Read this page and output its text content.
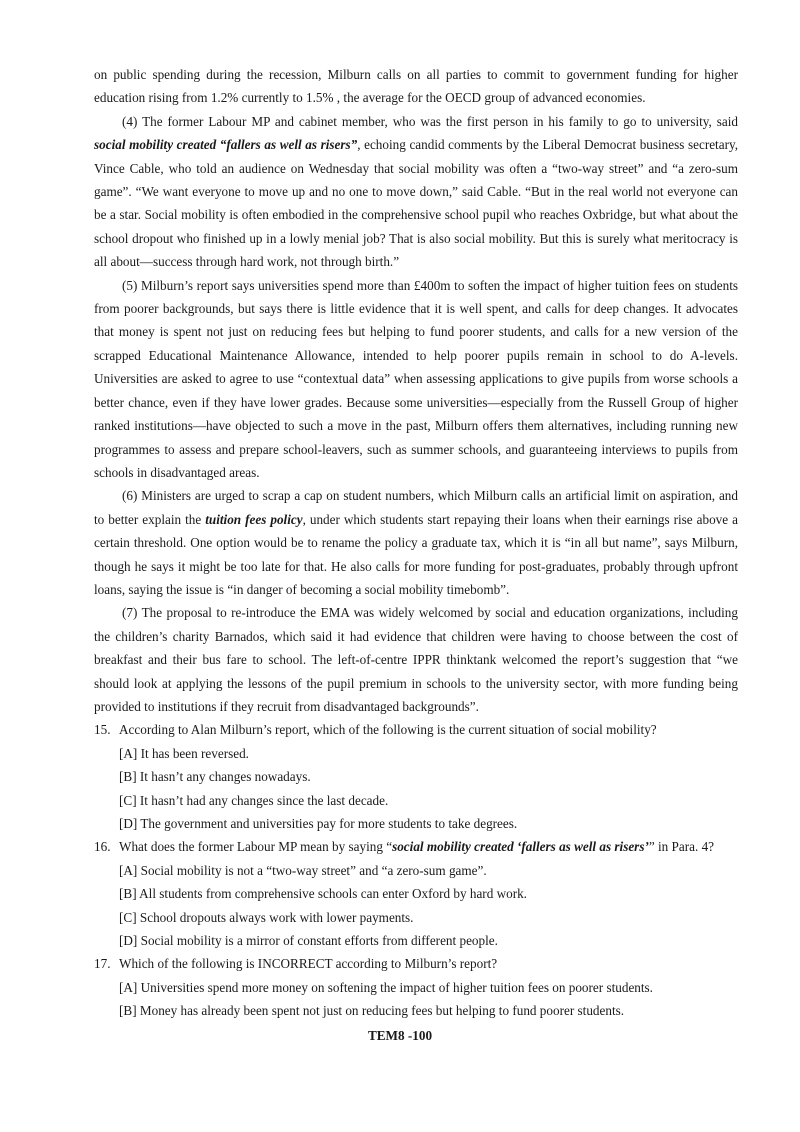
on public spending during the recession, Milburn calls on all parties to commit to government funding for higher education rising from 1.2% currently to 1.5% , the average for the OECD group of advanced economies.

(4) The former Labour MP and cabinet member, who was the first person in his family to go to university, said social mobility created “fallers as well as risers”, echoing candid comments by the Liberal Democrat business secretary, Vince Cable, who told an audience on Wednesday that social mobility was often a “two-way street” and “a zero-sum game”. “We want everyone to move up and no one to move down,” said Cable. “But in the real world not everyone can be a star. Social mobility is often embodied in the comprehensive school pupil who reaches Oxbridge, but what about the school dropout who finished up in a lowly menial job? That is also social mobility. But this is surely what meritocracy is all about—success through hard work, not through birth.”

(5) Milburn’s report says universities spend more than £400m to soften the impact of higher tuition fees on students from poorer backgrounds, but says there is little evidence that it is well spent, and calls for deep changes. It advocates that money is spent not just on reducing fees but helping to fund poorer students, and calls for a new version of the scrapped Educational Maintenance Allowance, intended to help poorer pupils remain in school to do A-levels. Universities are asked to agree to use “contextual data” when assessing applications to give pupils from worse schools a better chance, even if they have lower grades. Because some universities—especially from the Russell Group of higher ranked institutions—have objected to such a move in the past, Milburn offers them alternatives, including running new programmes to assess and prepare school-leavers, such as summer schools, and guaranteeing interviews to pupils from schools in disadvantaged areas.

(6) Ministers are urged to scrap a cap on student numbers, which Milburn calls an artificial limit on aspiration, and to better explain the tuition fees policy, under which students start repaying their loans when their earnings rise above a certain threshold. One option would be to rename the policy a graduate tax, which it is “in all but name”, says Milburn, though he says it might be too late for that. He also calls for more funding for post-graduates, probably through upfront loans, saying the issue is “in danger of becoming a social mobility timebomb”.

(7) The proposal to re-introduce the EMA was widely welcomed by social and education organizations, including the children’s charity Barnados, which said it had evidence that children were having to choose between the cost of breakfast and their bus fare to school. The left-of-centre IPPR thinktank welcomed the report’s suggestion that “we should look at applying the lessons of the pupil premium in schools to the university sector, with more funding being provided to institutions if they recruit from disadvantaged backgrounds”.

15. According to Alan Milburn’s report, which of the following is the current situation of social mobility?

[A] It has been reversed.

[B] It hasn’t any changes nowadays.

[C] It hasn’t had any changes since the last decade.

[D] The government and universities pay for more students to take degrees.

16. What does the former Labour MP mean by saying “social mobility created ‘fallers as well as risers’” in Para. 4?

[A] Social mobility is not a “two-way street” and “a zero-sum game”.

[B] All students from comprehensive schools can enter Oxford by hard work.

[C] School dropouts always work with lower payments.

[D] Social mobility is a mirror of constant efforts from different people.

17. Which of the following is INCORRECT according to Milburn’s report?

[A] Universities spend more money on softening the impact of higher tuition fees on poorer students.

[B] Money has already been spent not just on reducing fees but helping to fund poorer students.

TEM8 -100
